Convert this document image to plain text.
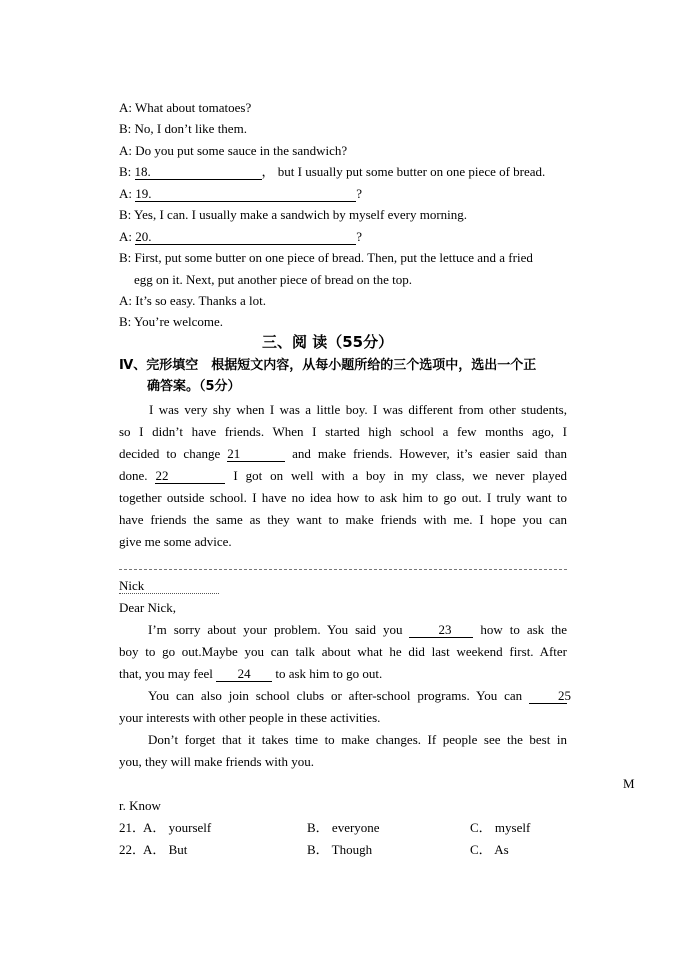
A: What about tomatoes?
B: No, I don’t like them.
A: Do you put some sauce in the sandwich?
B: 18.	， but I usually put some butter on one piece of bread.
A: 19.	?
B: Yes, I can. I usually make a sandwich by myself every morning.
A: 20.	?
B: First, put some butter on one piece of bread. Then, put the lettuce and a fried
egg on it. Next, put another piece of bread on the top.
A: It’s so easy. Thanks a lot.
B: You’re welcome.
三、阅 读（55分）
Ⅳ、完形填空　根据短文内容，从每小题所给的三个选项中，选出一个正
确答案。（5分）
I was very shy when I was a little boy. I was different from other students,
so I didn’t have friends. When I started high school a few months ago, I
decided to change 21	and make friends. However, it’s easier said than
done. 22	I got on well with a boy in my class, we never played
together outside school. I have no idea how to ask him to go out. I truly want to
have friends the same as they want to make friends with me. I hope you can
give me some advice.
Nick
Dear Nick,
I’m sorry about your problem. You said you 23 how to ask the
boy to go out.Maybe you can talk about what he did last weekend first. After
that, you may feel 24 to ask him to go out.
You can also join school clubs or after-school programs. You can 25
your interests with other people in these activities.
Don’t forget that it takes time to make changes. If people see the best in
you, they will make friends with you.
M
r. Know
21．A． yourself	B． everyone	C． myself
22．A． But	B． Though	C． As
